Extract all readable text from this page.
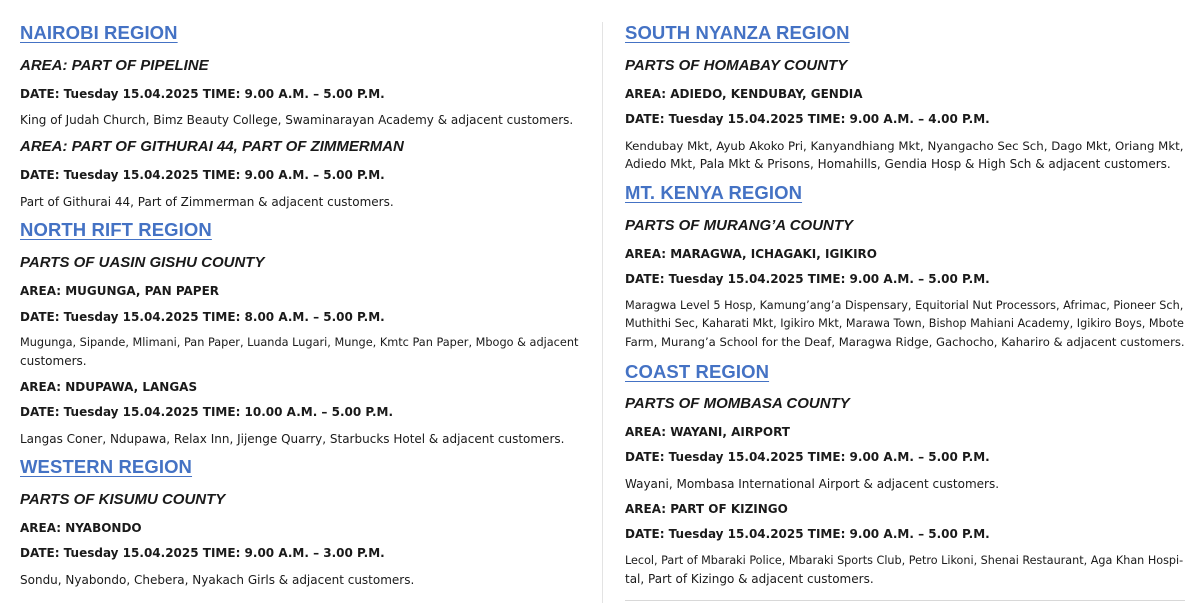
NAIROBI REGION
AREA: PART OF PIPELINE
DATE: Tuesday 15.04.2025 TIME: 9.00 A.M. – 5.00 P.M.
King of Judah Church, Bimz Beauty College, Swaminarayan Academy & adjacent customers.
AREA: PART OF GITHURAI 44, PART OF ZIMMERMAN
DATE: Tuesday 15.04.2025 TIME: 9.00 A.M. – 5.00 P.M.
Part of Githurai 44, Part of Zimmerman & adjacent customers.
NORTH RIFT REGION
PARTS OF UASIN GISHU COUNTY
AREA: MUGUNGA, PAN PAPER
DATE: Tuesday 15.04.2025 TIME: 8.00 A.M. – 5.00 P.M.
Mugunga, Sipande, Mlimani, Pan Paper, Luanda Lugari, Munge, Kmtc Pan Paper, Mbogo & adjacent
customers.
AREA: NDUPAWA, LANGAS
DATE: Tuesday 15.04.2025 TIME: 10.00 A.M. – 5.00 P.M.
Langas Coner, Ndupawa, Relax Inn, Jijenge Quarry, Starbucks Hotel & adjacent customers.
WESTERN REGION
PARTS OF KISUMU COUNTY
AREA: NYABONDO
DATE: Tuesday 15.04.2025 TIME: 9.00 A.M. – 3.00 P.M.
Sondu, Nyabondo, Chebera, Nyakach Girls & adjacent customers.
SOUTH NYANZA REGION
PARTS OF HOMABAY COUNTY
AREA: ADIEDO, KENDUBAY, GENDIA
DATE: Tuesday 15.04.2025 TIME: 9.00 A.M. – 4.00 P.M.
Kendubay Mkt, Ayub Akoko Pri, Kanyandhiang Mkt, Nyangacho Sec Sch, Dago Mkt, Oriang Mkt,
Adiedo Mkt, Pala Mkt & Prisons, Homahills, Gendia Hosp & High Sch & adjacent customers.
MT. KENYA REGION
PARTS OF MURANG’A COUNTY
AREA: MARAGWA, ICHAGAKI, IGIKIRO
DATE: Tuesday 15.04.2025 TIME: 9.00 A.M. – 5.00 P.M.
Maragwa Level 5 Hosp, Kamung’ang’a Dispensary, Equitorial Nut Processors, Afrimac, Pioneer Sch,
Muthithi Sec, Kaharati Mkt, Igikiro Mkt, Marawa Town, Bishop Mahiani Academy, Igikiro Boys, Mbote
Farm, Murang’a School for the Deaf, Maragwa Ridge, Gachocho, Kahariro & adjacent customers.
COAST REGION
PARTS OF MOMBASA COUNTY
AREA: WAYANI, AIRPORT
DATE: Tuesday 15.04.2025 TIME: 9.00 A.M. – 5.00 P.M.
Wayani, Mombasa International Airport & adjacent customers.
AREA: PART OF KIZINGO
DATE: Tuesday 15.04.2025 TIME: 9.00 A.M. – 5.00 P.M.
Lecol, Part of Mbaraki Police, Mbaraki Sports Club, Petro Likoni, Shenai Restaurant, Aga Khan Hospi-
tal, Part of Kizingo & adjacent customers.
